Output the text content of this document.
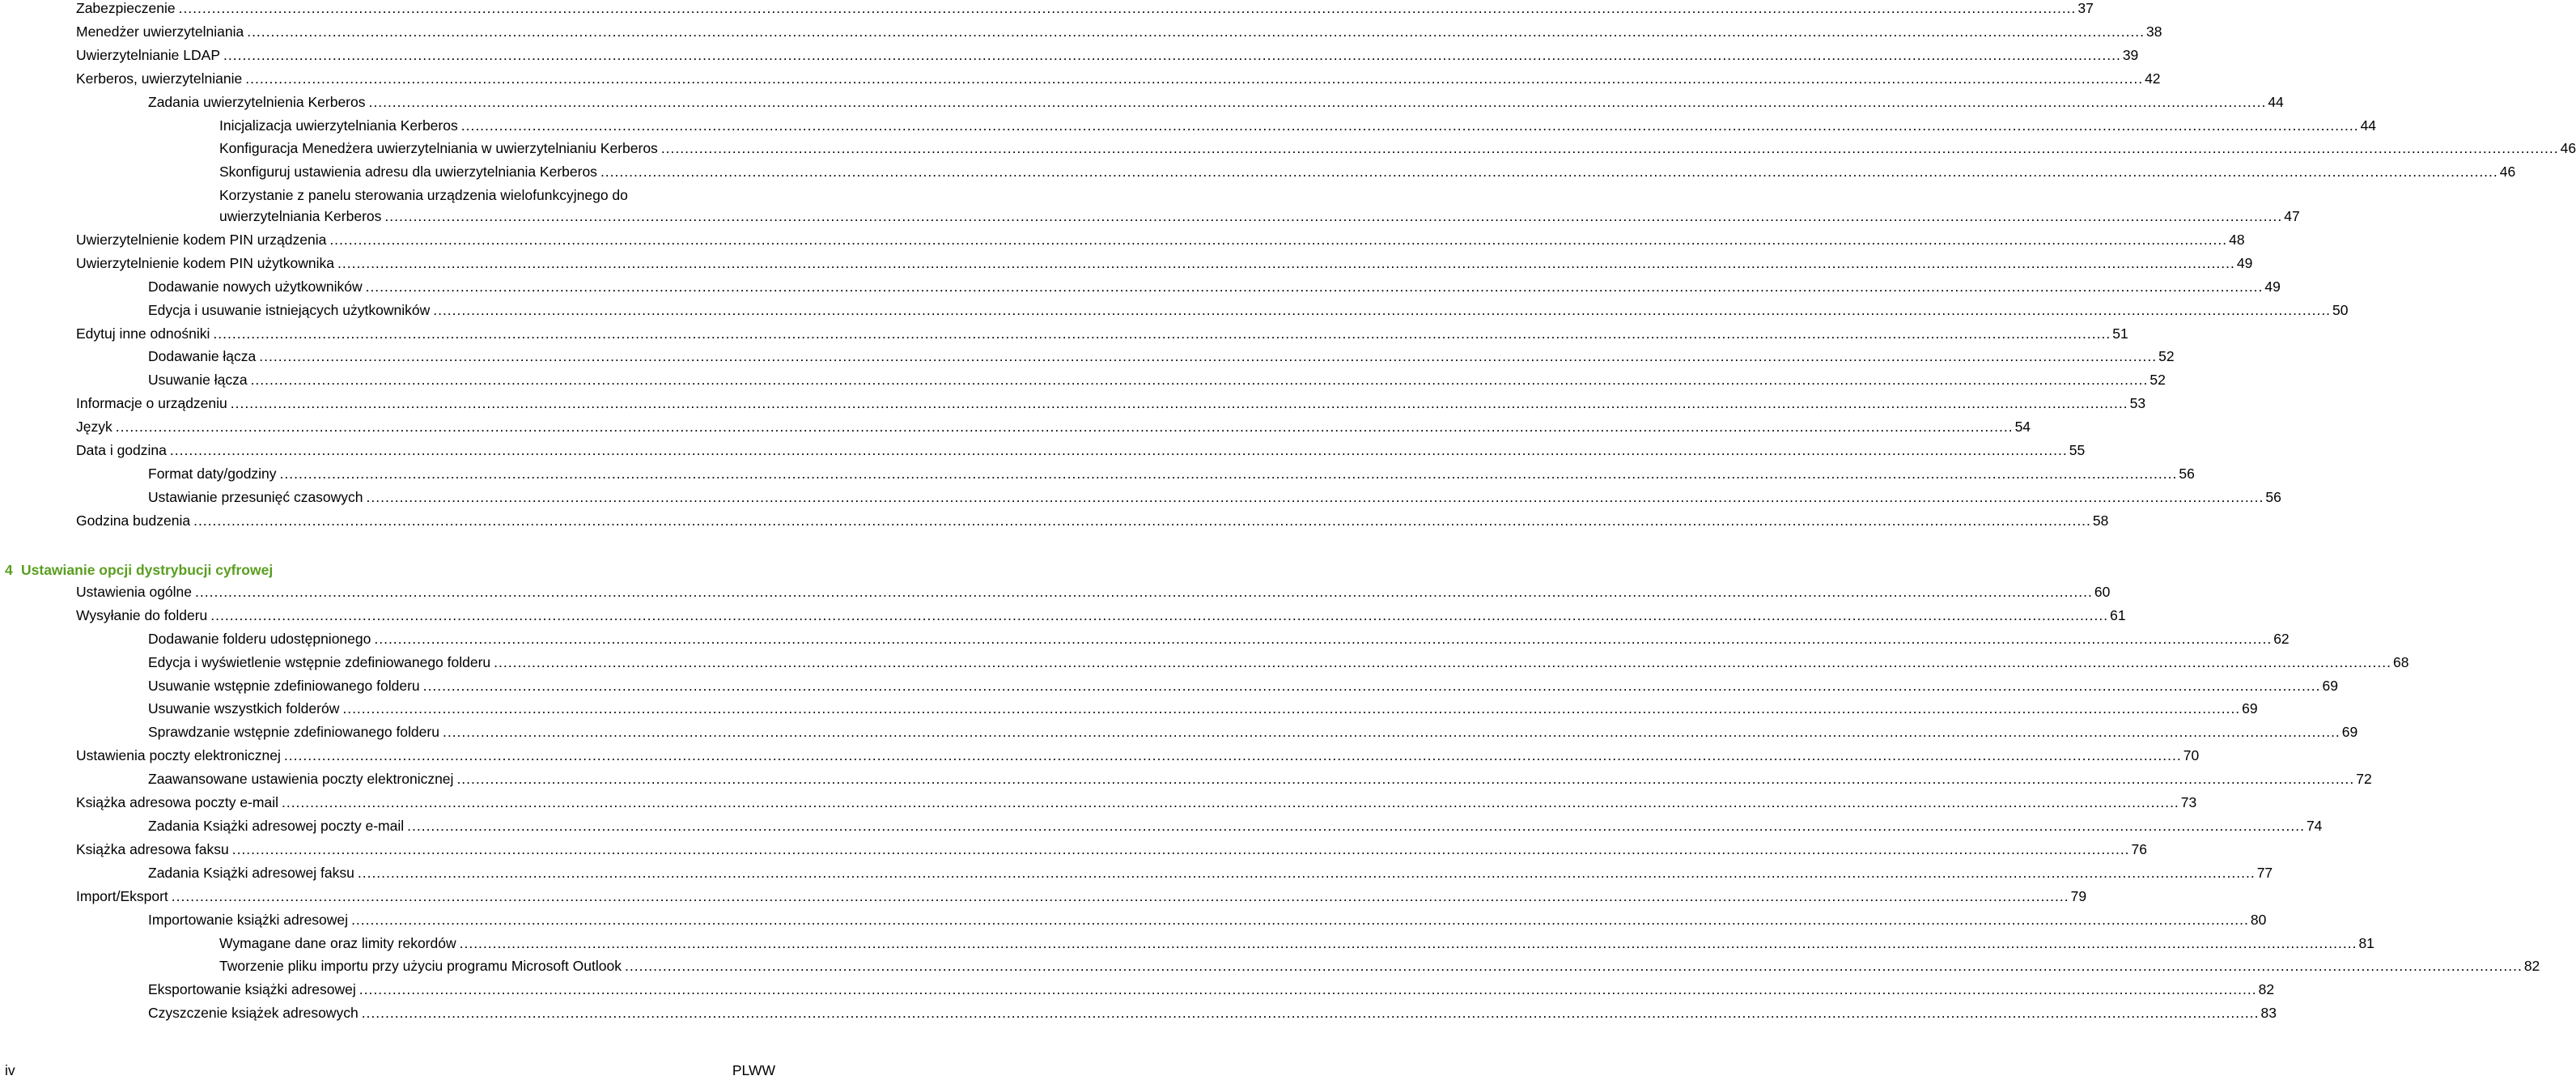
Zabezpieczenie ................................................................................................................................................................................................................................................................................................................................................................................................................ 37
Menedżer uwierzytelniania ................................................................................................................................................................................................................................................................................................................................................................................................................ 38
Uwierzytelnianie LDAP ................................................................................................................................................................................................................................................................................................................................................................................................................ 39
Kerberos, uwierzytelnianie ................................................................................................................................................................................................................................................................................................................................................................................................................ 42
Zadania uwierzytelnienia Kerberos ................................................................................................................................................................................................................................................................................................................................................................................................................ 44
Inicjalizacja uwierzytelniania Kerberos ................................................................................................................................................................................................................................................................................................................................................................................................................ 44
Konfiguracja Menedżera uwierzytelniania w uwierzytelnianiu Kerberos ................................................................................................................................................................................................................................................................................................................................................................................................................ 46
Skonfiguruj ustawienia adresu dla uwierzytelniania Kerberos ................................................................................................................................................................................................................................................................................................................................................................................................................ 46
Korzystanie z panelu sterowania urządzenia wielofunkcyjnego do
uwierzytelniania Kerberos ................................................................................................................................................................................................................................................................................................................................................................................................................ 47
Uwierzytelnienie kodem PIN urządzenia ................................................................................................................................................................................................................................................................................................................................................................................................................ 48
Uwierzytelnienie kodem PIN użytkownika ................................................................................................................................................................................................................................................................................................................................................................................................................ 49
Dodawanie nowych użytkowników ................................................................................................................................................................................................................................................................................................................................................................................................................ 49
Edycja i usuwanie istniejących użytkowników ................................................................................................................................................................................................................................................................................................................................................................................................................ 50
Edytuj inne odnośniki ................................................................................................................................................................................................................................................................................................................................................................................................................ 51
Dodawanie łącza ................................................................................................................................................................................................................................................................................................................................................................................................................ 52
Usuwanie łącza ................................................................................................................................................................................................................................................................................................................................................................................................................ 52
Informacje o urządzeniu ................................................................................................................................................................................................................................................................................................................................................................................................................ 53
Język ................................................................................................................................................................................................................................................................................................................................................................................................................ 54
Data i godzina ................................................................................................................................................................................................................................................................................................................................................................................................................ 55
Format daty/godziny ................................................................................................................................................................................................................................................................................................................................................................................................................ 56
Ustawianie przesunięć czasowych ................................................................................................................................................................................................................................................................................................................................................................................................................ 56
Godzina budzenia ................................................................................................................................................................................................................................................................................................................................................................................................................ 58
Ustawienia ogólne ................................................................................................................................................................................................................................................................................................................................................................................................................ 60
Wysyłanie do folderu ................................................................................................................................................................................................................................................................................................................................................................................................................ 61
Dodawanie folderu udostępnionego ................................................................................................................................................................................................................................................................................................................................................................................................................ 62
Edycja i wyświetlenie wstępnie zdefiniowanego folderu ................................................................................................................................................................................................................................................................................................................................................................................................................ 68
Usuwanie wstępnie zdefiniowanego folderu ................................................................................................................................................................................................................................................................................................................................................................................................................ 69
Usuwanie wszystkich folderów ................................................................................................................................................................................................................................................................................................................................................................................................................ 69
Sprawdzanie wstępnie zdefiniowanego folderu ................................................................................................................................................................................................................................................................................................................................................................................................................ 69
Ustawienia poczty elektronicznej ................................................................................................................................................................................................................................................................................................................................................................................................................ 70
Zaawansowane ustawienia poczty elektronicznej ................................................................................................................................................................................................................................................................................................................................................................................................................ 72
Książka adresowa poczty e-mail ................................................................................................................................................................................................................................................................................................................................................................................................................ 73
Zadania Książki adresowej poczty e-mail ................................................................................................................................................................................................................................................................................................................................................................................................................ 74
Książka adresowa faksu ................................................................................................................................................................................................................................................................................................................................................................................................................ 76
Zadania Książki adresowej faksu ................................................................................................................................................................................................................................................................................................................................................................................................................ 77
Import/Eksport ................................................................................................................................................................................................................................................................................................................................................................................................................ 79
Importowanie książki adresowej ................................................................................................................................................................................................................................................................................................................................................................................................................ 80
Wymagane dane oraz limity rekordów ................................................................................................................................................................................................................................................................................................................................................................................................................ 81
Tworzenie pliku importu przy użyciu programu Microsoft Outlook ................................................................................................................................................................................................................................................................................................................................................................................................................ 82
Eksportowanie książki adresowej ................................................................................................................................................................................................................................................................................................................................................................................................................ 82
Czyszczenie książek adresowych ................................................................................................................................................................................................................................................................................................................................................................................................................ 83
4 Ustawianie opcji dystrybucji cyfrowej
iv	PLWW
